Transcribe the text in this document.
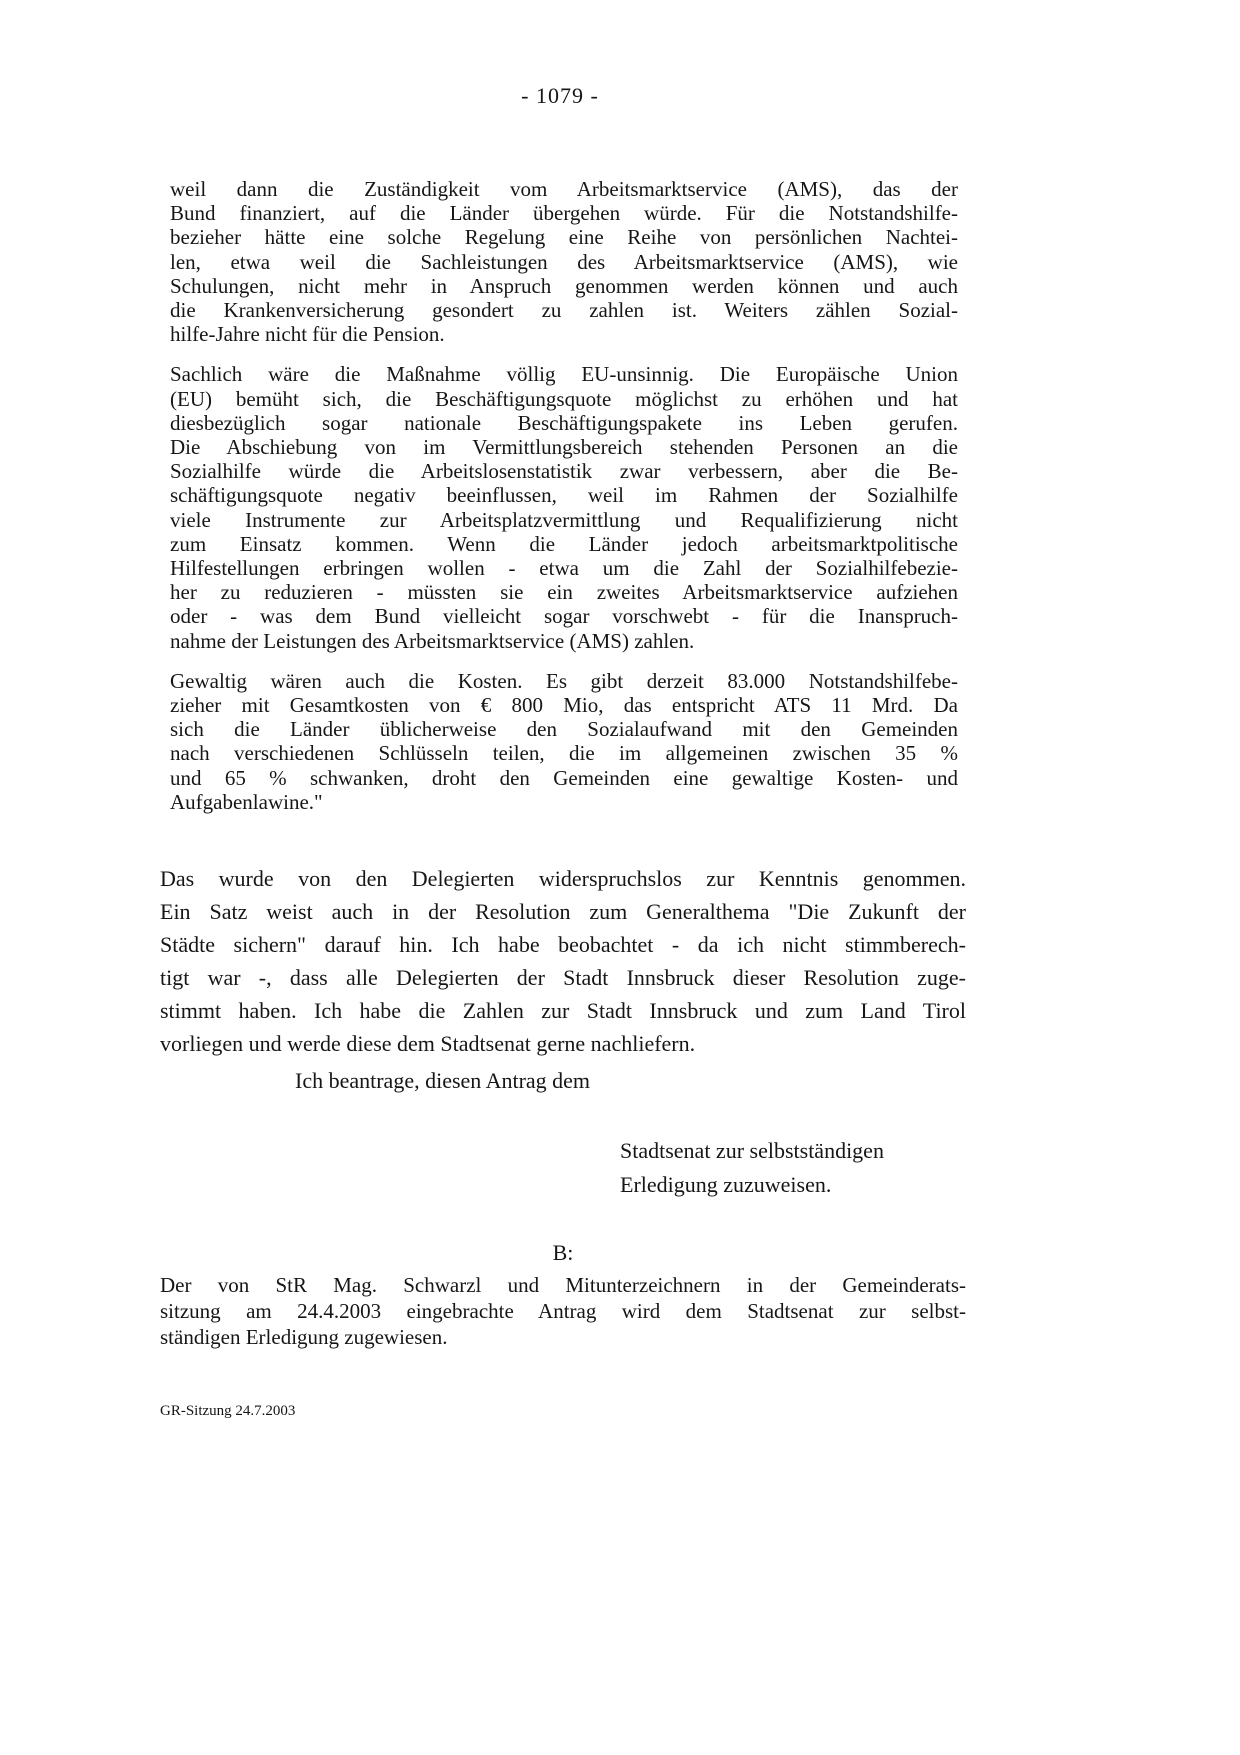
- 1079 -
weil dann die Zuständigkeit vom Arbeitsmarktservice (AMS), das der
Bund finanziert, auf die Länder übergehen würde. Für die Notstandshilfe-
bezieher hätte eine solche Regelung eine Reihe von persönlichen Nachtei-
len, etwa weil die Sachleistungen des Arbeitsmarktservice (AMS), wie
Schulungen, nicht mehr in Anspruch genommen werden können und auch
die Krankenversicherung gesondert zu zahlen ist. Weiters zählen Sozial-
hilfe-Jahre nicht für die Pension.
Sachlich wäre die Maßnahme völlig EU-unsinnig. Die Europäische Union
(EU) bemüht sich, die Beschäftigungsquote möglichst zu erhöhen und hat
diesbezüglich sogar nationale Beschäftigungspakete ins Leben gerufen.
Die Abschiebung von im Vermittlungsbereich stehenden Personen an die
Sozialhilfe würde die Arbeitslosenstatistik zwar verbessern, aber die Be-
schäftigungsquote negativ beeinflussen, weil im Rahmen der Sozialhilfe
viele Instrumente zur Arbeitsplatzvermittlung und Requalifizierung nicht
zum Einsatz kommen. Wenn die Länder jedoch arbeitsmarktpolitische
Hilfestellungen erbringen wollen - etwa um die Zahl der Sozialhilfebezie-
her zu reduzieren - müssten sie ein zweites Arbeitsmarktservice aufziehen
oder - was dem Bund vielleicht sogar vorschwebt - für die Inanspruch-
nahme der Leistungen des Arbeitsmarktservice (AMS) zahlen.
Gewaltig wären auch die Kosten. Es gibt derzeit 83.000 Notstandshilfebe-
zieher mit Gesamtkosten von € 800 Mio, das entspricht ATS 11 Mrd. Da
sich die Länder üblicherweise den Sozialaufwand mit den Gemeinden
nach verschiedenen Schlüsseln teilen, die im allgemeinen zwischen 35 %
und 65 % schwanken, droht den Gemeinden eine gewaltige Kosten- und
Aufgabenlawine."
Das wurde von den Delegierten widerspruchslos zur Kenntnis genommen.
Ein Satz weist auch in der Resolution zum Generalthema "Die Zukunft der
Städte sichern" darauf hin. Ich habe beobachtet - da ich nicht stimmberech-
tigt war -, dass alle Delegierten der Stadt Innsbruck dieser Resolution zuge-
stimmt haben. Ich habe die Zahlen zur Stadt Innsbruck und zum Land Tirol
vorliegen und werde diese dem Stadtsenat gerne nachliefern.
Ich beantrage, diesen Antrag dem
Stadtsenat zur selbstständigen
Erledigung zuzuweisen.
B:
Der von StR Mag. Schwarzl und Mitunterzeichnern in der Gemeinderats-
sitzung am 24.4.2003 eingebrachte Antrag wird dem Stadtsenat zur selbst-
ständigen Erledigung zugewiesen.
GR-Sitzung 24.7.2003
